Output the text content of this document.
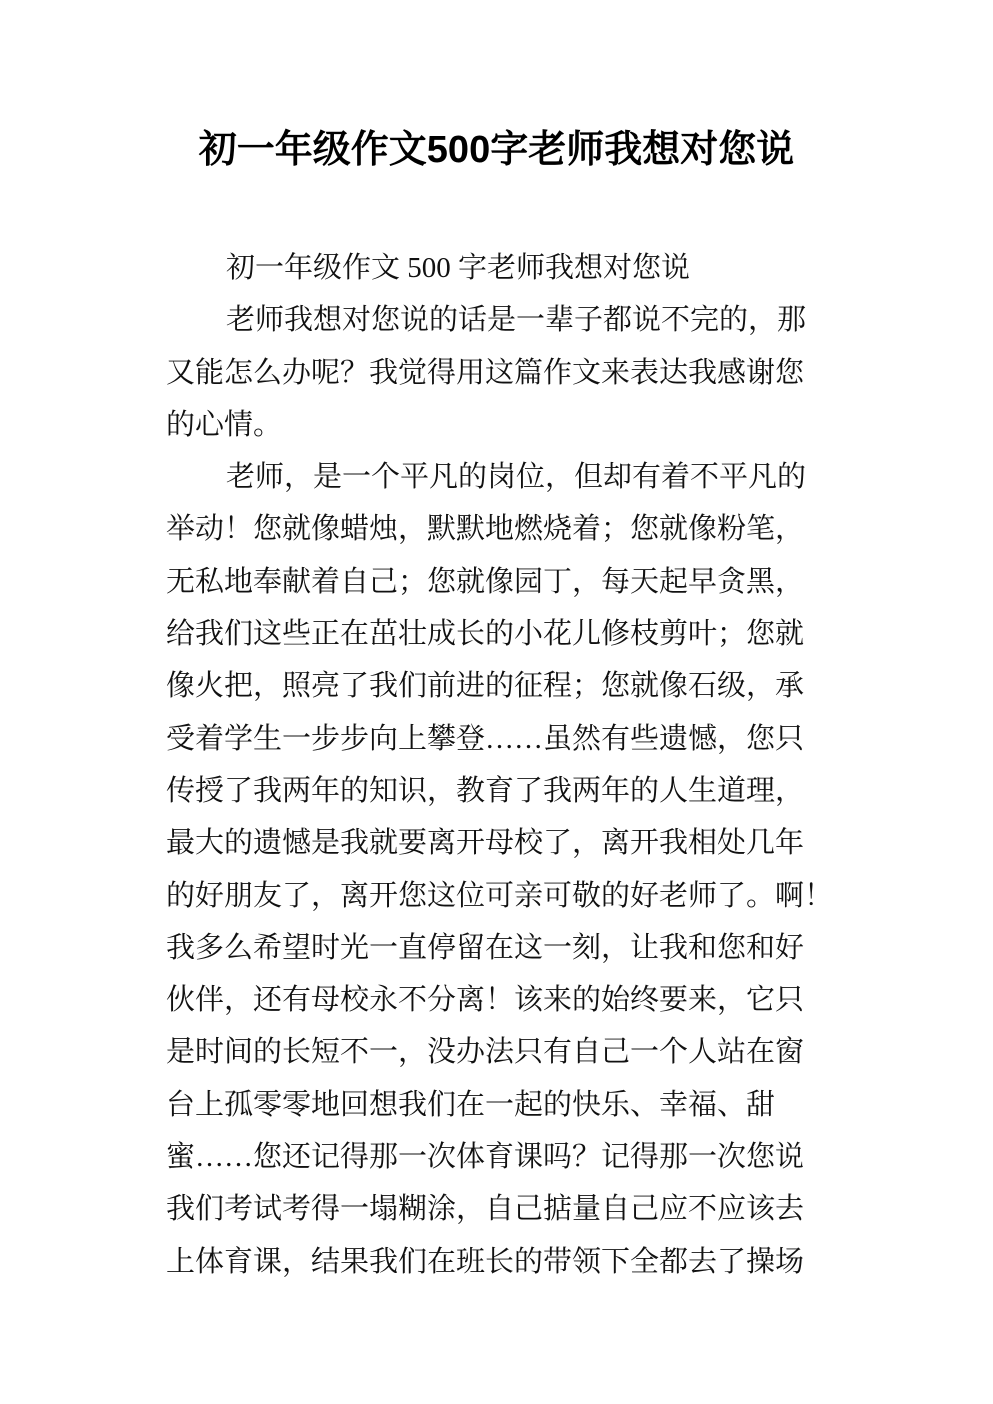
初一年级作文500字老师我想对您说
初一年级作文 500 字老师我想对您说
老师我想对您说的话是一辈子都说不完的，那
又能怎么办呢？我觉得用这篇作文来表达我感谢您
的心情。
老师，是一个平凡的岗位，但却有着不平凡的
举动！您就像蜡烛，默默地燃烧着；您就像粉笔，
无私地奉献着自己；您就像园丁，每天起早贪黑，
给我们这些正在茁壮成长的小花儿修枝剪叶；您就
像火把，照亮了我们前进的征程；您就像石级，承
受着学生一步步向上攀登……虽然有些遗憾，您只
传授了我两年的知识，教育了我两年的人生道理，
最大的遗憾是我就要离开母校了，离开我相处几年
的好朋友了，离开您这位可亲可敬的好老师了。啊！
我多么希望时光一直停留在这一刻，让我和您和好
伙伴，还有母校永不分离！该来的始终要来，它只
是时间的长短不一，没办法只有自己一个人站在窗
台上孤零零地回想我们在一起的快乐、幸福、甜
蜜……您还记得那一次体育课吗？记得那一次您说
我们考试考得一塌糊涂，自己掂量自己应不应该去
上体育课，结果我们在班长的带领下全都去了操场
